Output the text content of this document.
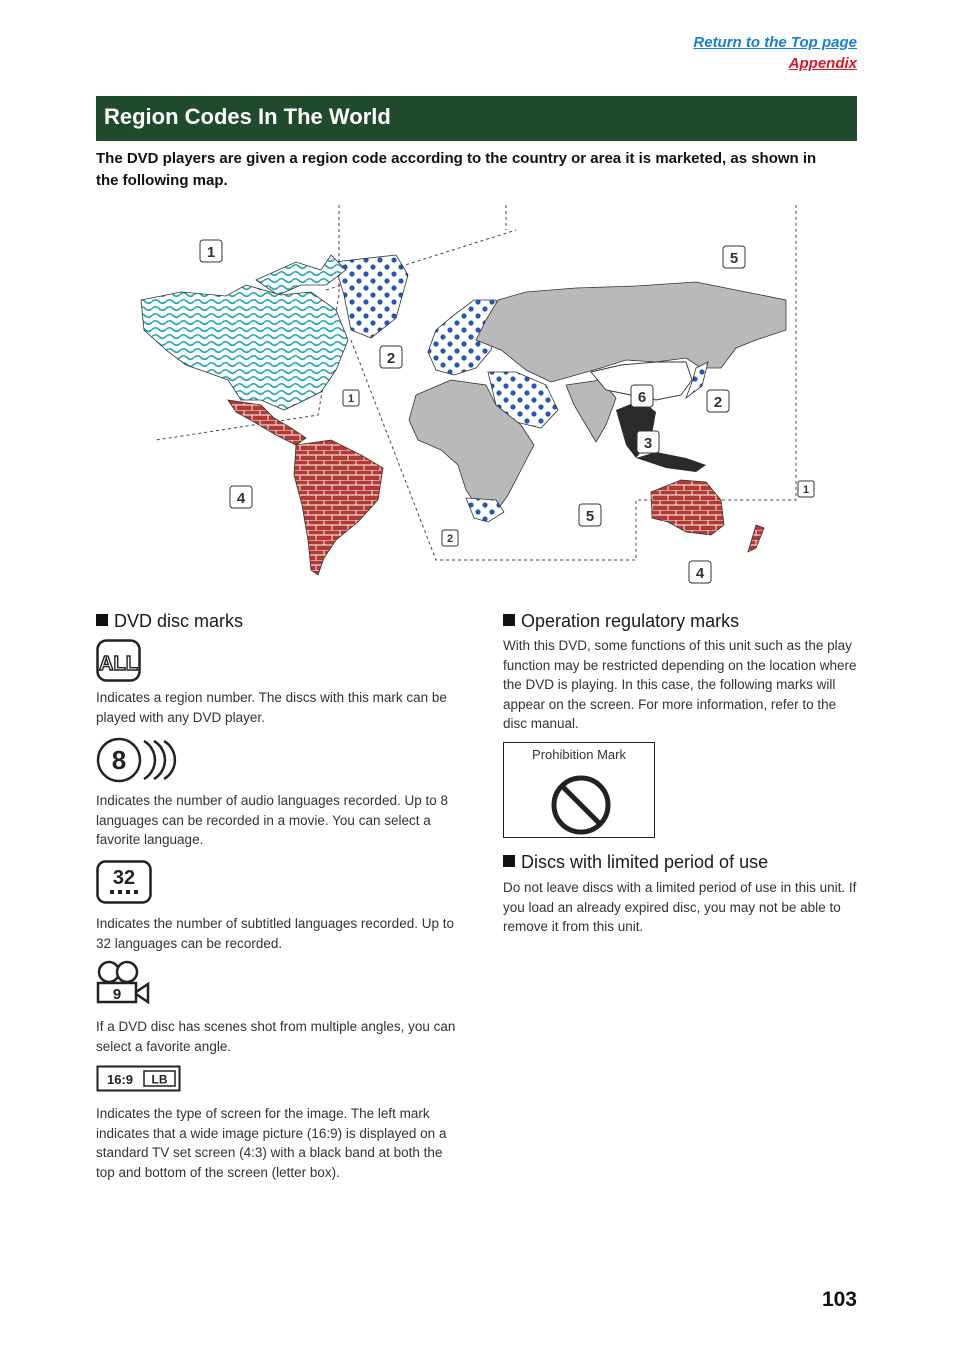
Return to the Top page
Appendix
Region Codes In The World
The DVD players are given a region code according to the country or area it is marketed, as shown in the following map.
1
2
1
4
2
5
6
3
2
5
1
4
DVD disc marks
ALL
Indicates a region number. The discs with this mark can be played with any DVD player.
8
Indicates the number of audio languages recorded. Up to 8 languages can be recorded in a movie. You can select a favorite language.
32
Indicates the number of subtitled languages recorded. Up to 32 languages can be recorded.
9
If a DVD disc has scenes shot from multiple angles, you can select a favorite angle.
16:9 LB
Indicates the type of screen for the image. The left mark indicates that a wide image picture (16:9) is displayed on a standard TV set screen (4:3) with a black band at both the top and bottom of the screen (letter box).
Operation regulatory marks
With this DVD, some functions of this unit such as the play function may be restricted depending on the location where the DVD is playing. In this case, the following marks will appear on the screen. For more information, refer to the disc manual.
Prohibition Mark
Discs with limited period of use
Do not leave discs with a limited period of use in this unit. If you load an already expired disc, you may not be able to remove it from this unit.
103
